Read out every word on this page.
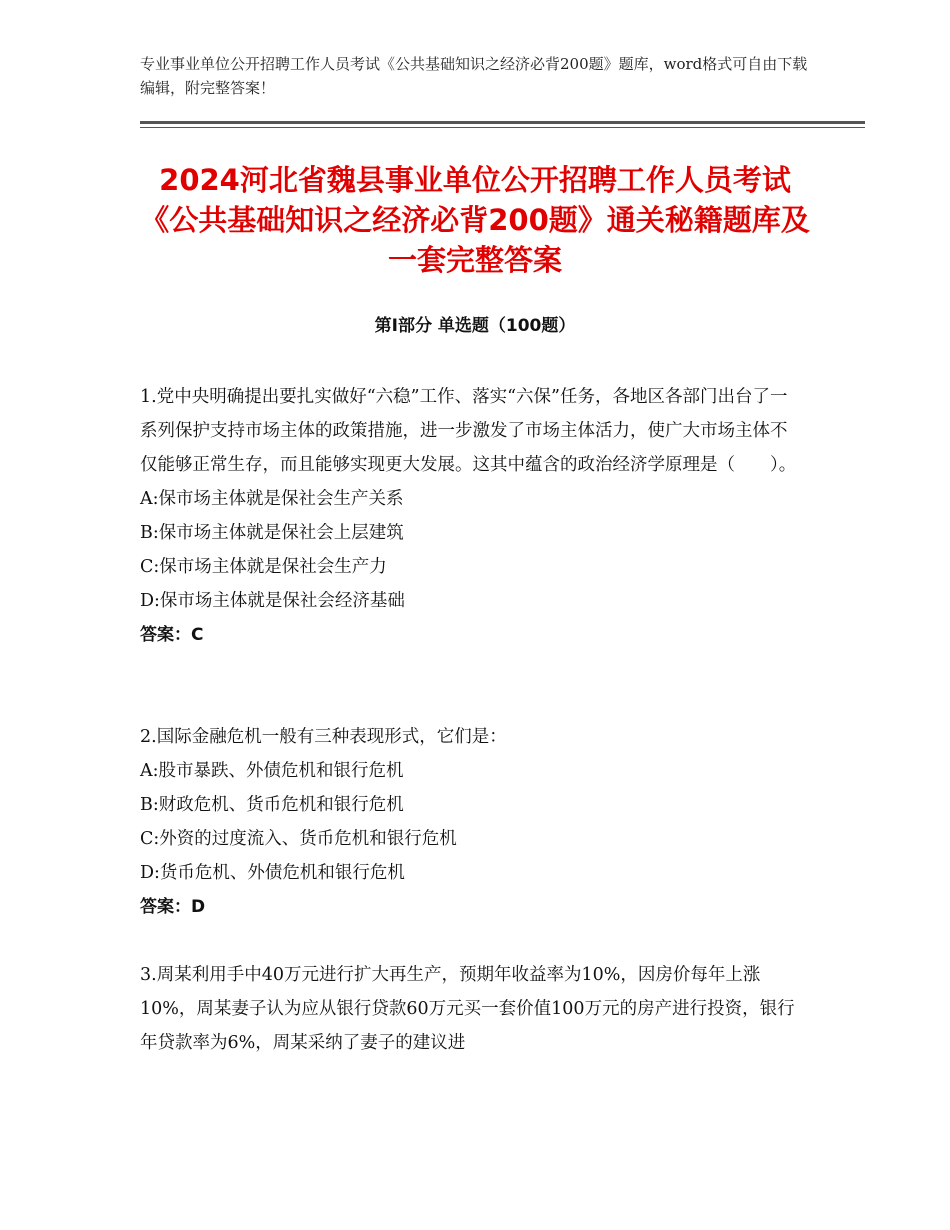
专业事业单位公开招聘工作人员考试《公共基础知识之经济必背200题》题库，word格式可自由下载编辑，附完整答案！
2024河北省魏县事业单位公开招聘工作人员考试《公共基础知识之经济必背200题》通关秘籍题库及一套完整答案
第Ⅰ部分 单选题（100题）

1.党中央明确提出要扎实做好“六稳”工作、落实“六保”任务，各地区各部门出台了一系列保护支持市场主体的政策措施，进一步激发了市场主体活力，使广大市场主体不仅能够正常生存，而且能够实现更大发展。这其中蕴含的政治经济学原理是（　　）。

A:保市场主体就是保社会生产关系

B:保市场主体就是保社会上层建筑

C:保市场主体就是保社会生产力

D:保市场主体就是保社会经济基础

答案：C

2.国际金融危机一般有三种表现形式，它们是：

A:股市暴跌、外债危机和银行危机

B:财政危机、货币危机和银行危机

C:外资的过度流入、货币危机和银行危机

D:货币危机、外债危机和银行危机

答案：D

3.周某利用手中40万元进行扩大再生产，预期年收益率为10%，因房价每年上涨10%，周某妻子认为应从银行贷款60万元买一套价值100万元的房产进行投资，银行年贷款率为6%，周某采纳了妻子的建议进
